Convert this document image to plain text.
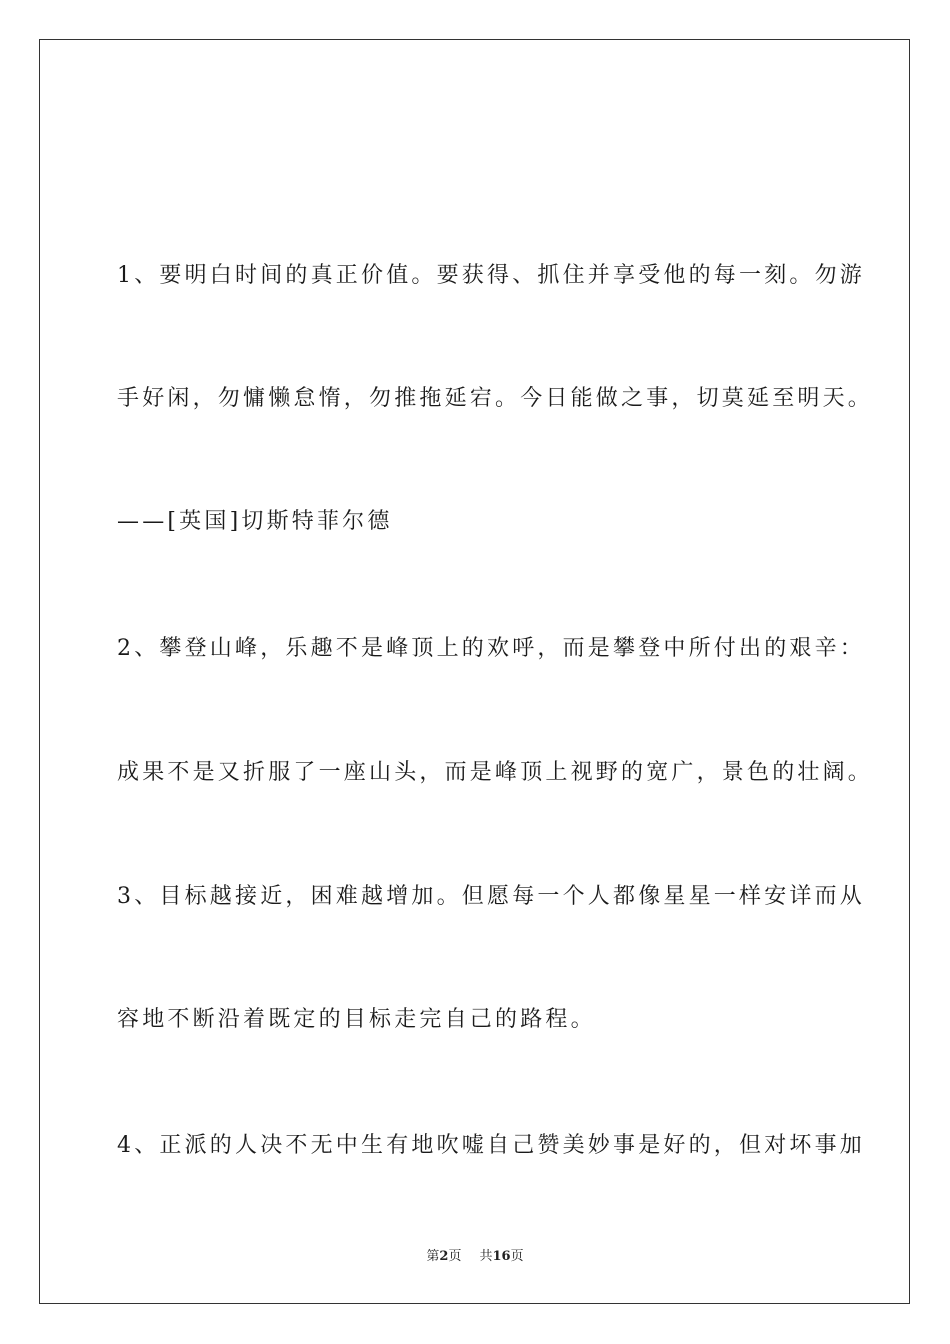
1、要明白时间的真正价值。要获得、抓住并享受他的每一刻。勿游
手好闲，勿慵懒怠惰，勿推拖延宕。今日能做之事，切莫延至明天。
——[英国]切斯特菲尔德
2、攀登山峰，乐趣不是峰顶上的欢呼，而是攀登中所付出的艰辛：
成果不是又折服了一座山头，而是峰顶上视野的宽广，景色的壮阔。
3、目标越接近，困难越增加。但愿每一个人都像星星一样安详而从
容地不断沿着既定的目标走完自己的路程。
4、正派的人决不无中生有地吹嘘自己赞美妙事是好的，但对坏事加
第2页 共16页
